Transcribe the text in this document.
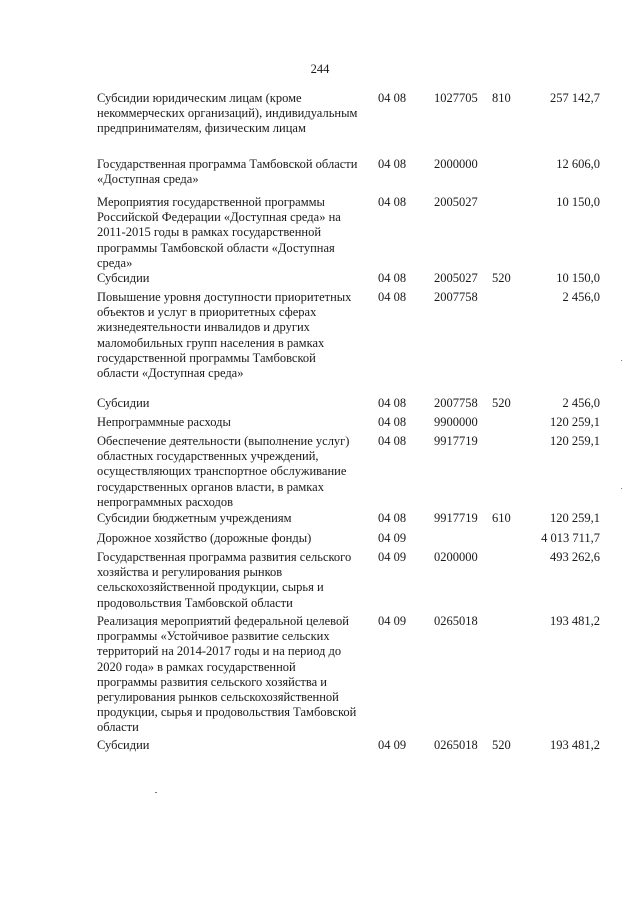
244
Субсидии юридическим лицам (кроме некоммерческих организаций), индивидуальным предпринимателям, физическим лицам
04 08 1027705 810	257 142,7
Государственная программа Тамбовской области «Доступная среда»
04 08 2000000	12 606,0
Мероприятия государственной программы Российской Федерации «Доступная среда» на 2011-2015 годы в рамках государственной программы Тамбовской области «Доступная среда»
04 08 2005027	10 150,0
Субсидии	04 08 2005027 520	10 150,0
Повышение уровня доступности приоритетных объектов и услуг в приоритетных сферах жизнедеятельности инвалидов и других маломобильных групп населения в рамках государственной программы Тамбовской области «Доступная среда»
04 08 2007758	2 456,0
Субсидии	04 08 2007758 520	2 456,0
Непрограммные расходы	04 08 9900000	120 259,1
Обеспечение деятельности (выполнение услуг) областных государственных учреждений, осуществляющих транспортное обслуживание государственных органов власти, в рамках непрограммных расходов
04 08 9917719	120 259,1
Субсидии бюджетным учреждениям	04 08 9917719 610	120 259,1
Дорожное хозяйство (дорожные фонды)	04 09	4 013 711,7
Государственная программа развития сельского хозяйства и регулирования рынков сельскохозяйственной продукции, сырья и продовольствия Тамбовской области
04 09 0200000	493 262,6
Реализация мероприятий федеральной целевой программы «Устойчивое развитие сельских территорий на 2014-2017 годы и на период до 2020 года» в рамках государственной программы развития сельского хозяйства и регулирования рынков сельскохозяйственной продукции, сырья и продовольствия Тамбовской области
04 09 0265018	193 481,2
Субсидии	04 09 0265018 520	193 481,2
